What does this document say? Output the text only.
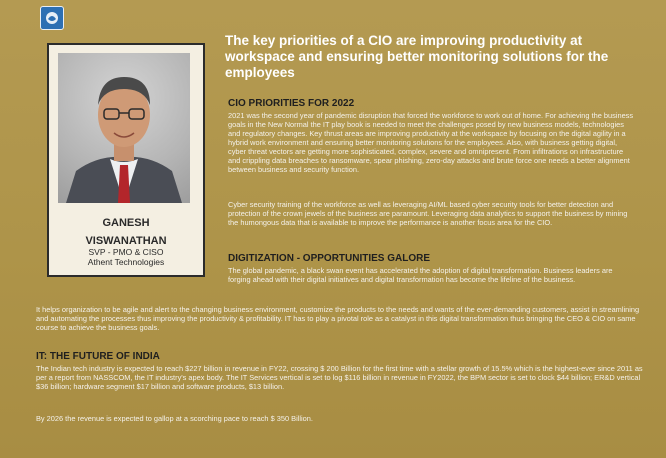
GANESH
VISWANATHAN
SVP - PMO & CISO
Athent Technologies
The key priorities of a CIO are improving productivity at workspace and ensuring better monitoring solutions for the employees
CIO PRIORITIES FOR 2022
2021 was the second year of pandemic disruption that forced the workforce to work out of home. For achieving the business goals in the New Normal the IT play book is needed to meet the challenges posed by new business models, technologies and regulatory changes. Key thrust areas are improving productivity at the workspace by focusing on the digital agility in a hybrid work environment and ensuring better monitoring solutions for the employees. Also, with business getting digital, cyber threat vectors are getting more sophisticated, complex, severe and omnipresent. From infiltrations on infrastructure and crippling data breaches to ransomware, spear phishing, zero-day attacks and brute force one needs a better alignment between business and security function.
Cyber security training of the workforce as well as leveraging AI/ML based cyber security tools for better detection and protection of the crown jewels of the business are paramount. Leveraging data analytics to support the business by mining the humongous data that is available to improve the performance is another focus area for the CIO.
DIGITIZATION - OPPORTUNITIES GALORE
The global pandemic, a black swan event has accelerated the adoption of digital transformation. Business leaders are forging ahead with their digital initiatives and digital transformation has become the lifeline of the business.
It helps organization to be agile and alert to the changing business environment, customize the products to the needs and wants of the ever-demanding customers, assist in streamlining and automating the processes thus improving the productivity & profitability. IT has to play a pivotal role as a catalyst in this digital transformation thus bringing the CEO & CIO on same course to achieve the business goals.
IT: THE FUTURE OF INDIA
The Indian tech industry is expected to reach $227 billion in revenue in FY22, crossing $ 200 Billion for the first time with a stellar growth of 15.5% which is the highest-ever since 2011 as per a report from NASSCOM, the IT industry's apex body. The IT Services vertical is set to log $116 billion in revenue in FY2022, the BPM sector is set to clock $44 billion; ER&D vertical $36 billion; hardware segment $17 billion and software products, $13 billion.
By 2026 the revenue is expected to gallop at a scorching pace to reach $ 350 Billion.
